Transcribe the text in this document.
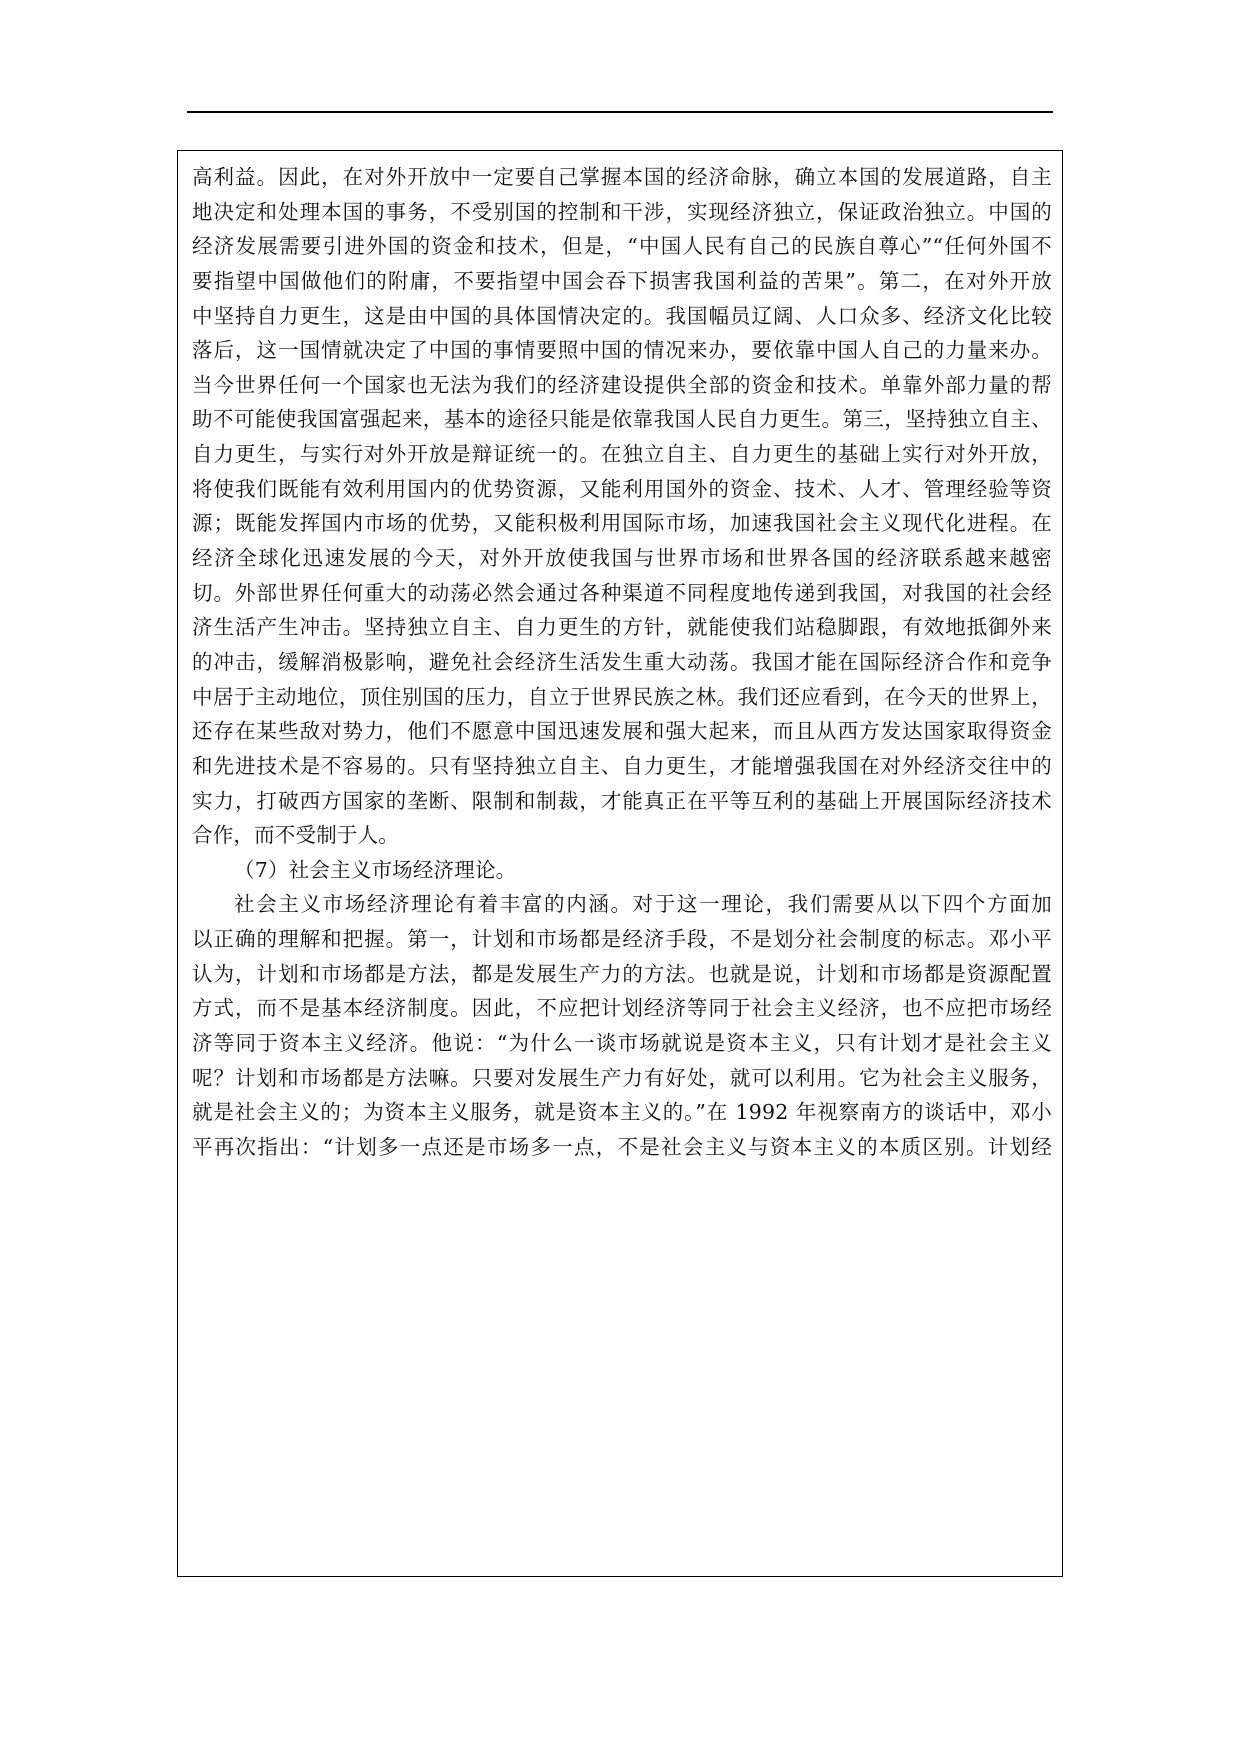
高利益。因此，在对外开放中一定要自己掌握本国的经济命脉，确立本国的发展道路，自主
地决定和处理本国的事务，不受别国的控制和干涉，实现经济独立，保证政治独立。中国的
经济发展需要引进外国的资金和技术，但是，“中国人民有自己的民族自尊心”“任何外国不
要指望中国做他们的附庸，不要指望中国会吞下损害我国利益的苦果”。第二，在对外开放
中坚持自力更生，这是由中国的具体国情决定的。我国幅员辽阔、人口众多、经济文化比较
落后，这一国情就决定了中国的事情要照中国的情况来办，要依靠中国人自己的力量来办。
当今世界任何一个国家也无法为我们的经济建设提供全部的资金和技术。单靠外部力量的帮
助不可能使我国富强起来，基本的途径只能是依靠我国人民自力更生。第三，坚持独立自主、
自力更生，与实行对外开放是辩证统一的。在独立自主、自力更生的基础上实行对外开放，
将使我们既能有效利用国内的优势资源，又能利用国外的资金、技术、人才、管理经验等资
源；既能发挥国内市场的优势，又能积极利用国际市场，加速我国社会主义现代化进程。在
经济全球化迅速发展的今天，对外开放使我国与世界市场和世界各国的经济联系越来越密
切。外部世界任何重大的动荡必然会通过各种渠道不同程度地传递到我国，对我国的社会经
济生活产生冲击。坚持独立自主、自力更生的方针，就能使我们站稳脚跟，有效地抵御外来
的冲击，缓解消极影响，避免社会经济生活发生重大动荡。我国才能在国际经济合作和竞争
中居于主动地位，顶住别国的压力，自立于世界民族之林。我们还应看到，在今天的世界上，
还存在某些敌对势力，他们不愿意中国迅速发展和强大起来，而且从西方发达国家取得资金
和先进技术是不容易的。只有坚持独立自主、自力更生，才能增强我国在对外经济交往中的
实力，打破西方国家的垄断、限制和制裁，才能真正在平等互利的基础上开展国际经济技术
合作，而不受制于人。
（7）社会主义市场经济理论。
社会主义市场经济理论有着丰富的内涵。对于这一理论，我们需要从以下四个方面加
以正确的理解和把握。第一，计划和市场都是经济手段，不是划分社会制度的标志。邓小平
认为，计划和市场都是方法，都是发展生产力的方法。也就是说，计划和市场都是资源配置
方式，而不是基本经济制度。因此，不应把计划经济等同于社会主义经济，也不应把市场经
济等同于资本主义经济。他说：“为什么一谈市场就说是资本主义，只有计划才是社会主义
呢？计划和市场都是方法嘛。只要对发展生产力有好处，就可以利用。它为社会主义服务，
就是社会主义的；为资本主义服务，就是资本主义的。”在 1992 年视察南方的谈话中，邓小
平再次指出：“计划多一点还是市场多一点，不是社会主义与资本主义的本质区别。计划经
